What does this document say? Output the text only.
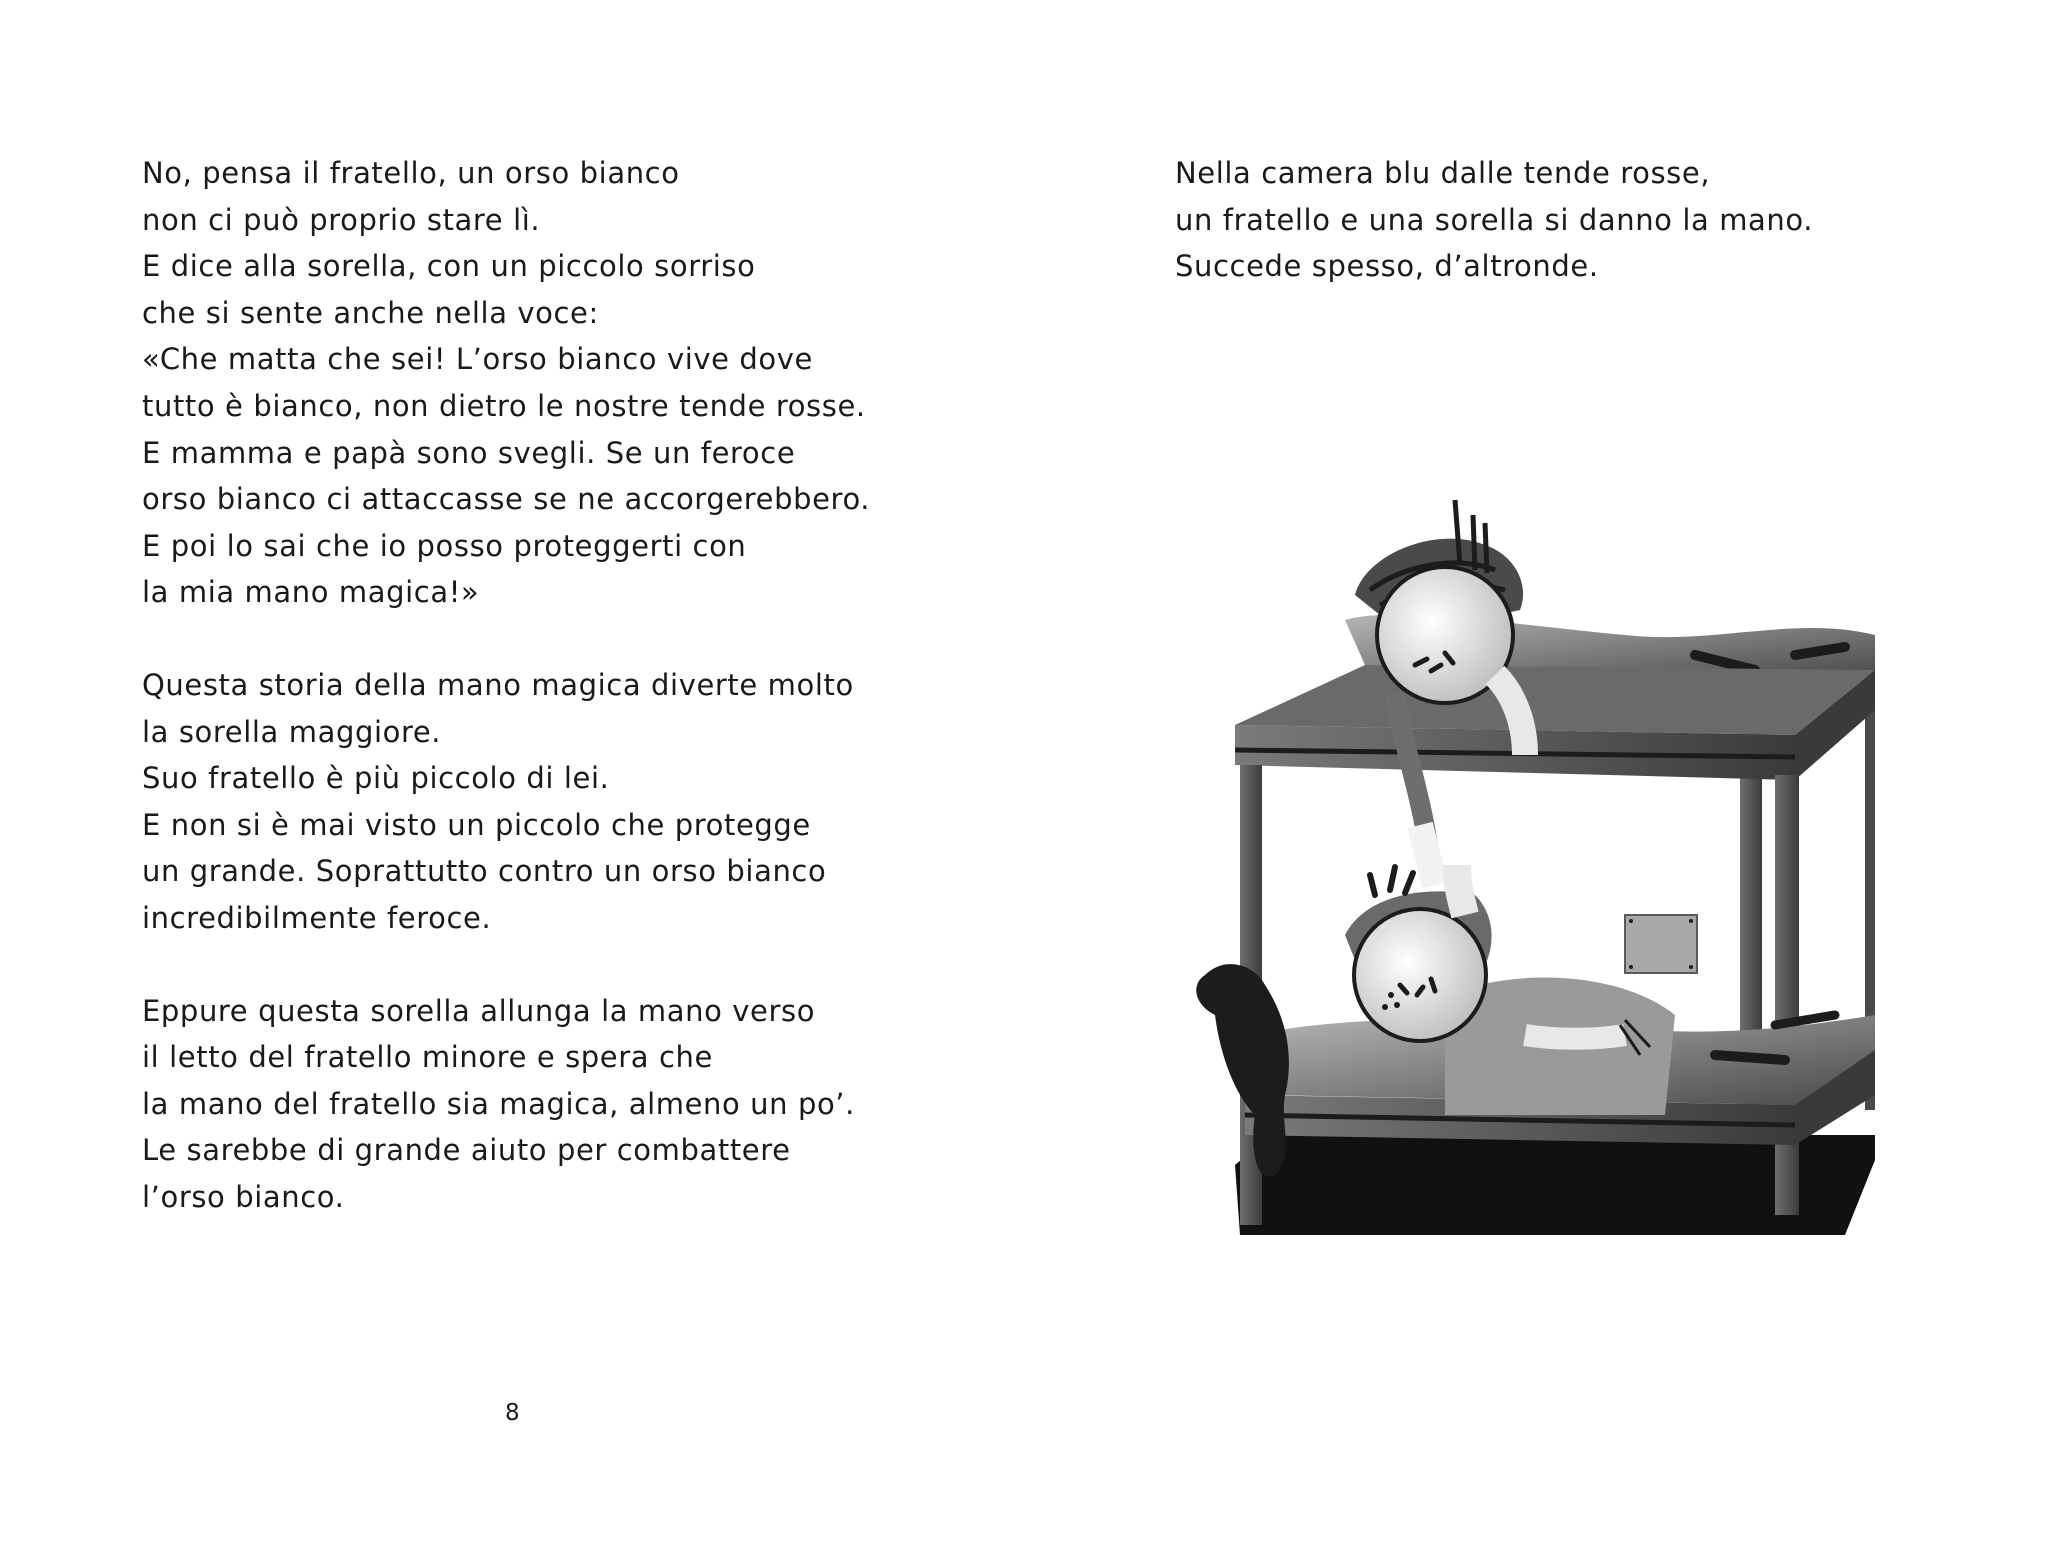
No, pensa il fratello, un orso bianco
non ci può proprio stare lì.
E dice alla sorella, con un piccolo sorriso
che si sente anche nella voce:
«Che matta che sei! L’orso bianco vive dove
tutto è bianco, non dietro le nostre tende rosse.
E mamma e papà sono svegli. Se un feroce
orso bianco ci attaccasse se ne accorgerebbero.
E poi lo sai che io posso proteggerti con
la mia mano magica!»

Questa storia della mano magica diverte molto
la sorella maggiore.
Suo fratello è più piccolo di lei.
E non si è mai visto un piccolo che protegge
un grande. Soprattutto contro un orso bianco
incredibilmente feroce.

Eppure questa sorella allunga la mano verso
il letto del fratello minore e spera che
la mano del fratello sia magica, almeno un po’.
Le sarebbe di grande aiuto per combattere
l’orso bianco.

8

Nella camera blu dalle tende rosse,
un fratello e una sorella si danno la mano.
Succede spesso, d’altronde.
